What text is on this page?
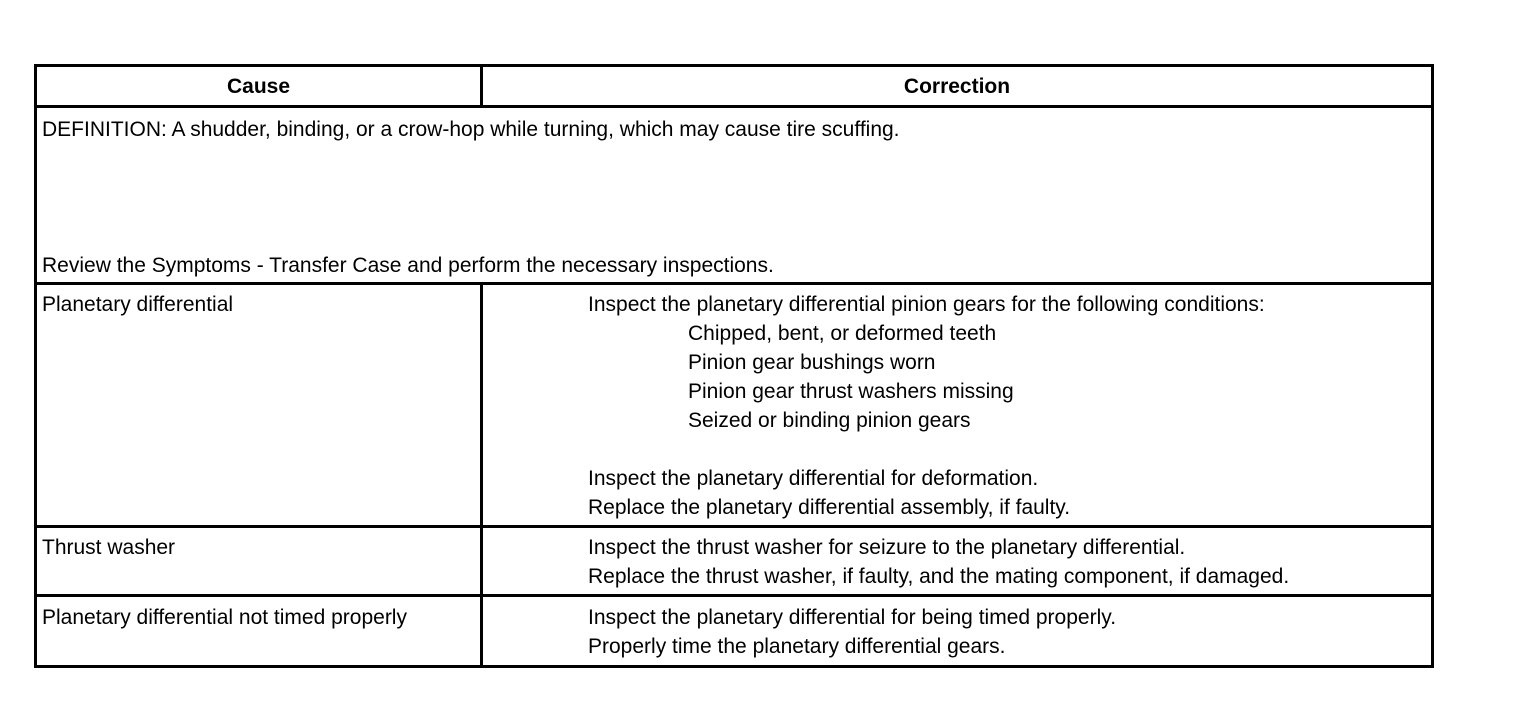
Cause	Correction
DEFINITION: A shudder, binding, or a crow-hop while turning, which may cause tire scuffing.
Review the Symptoms - Transfer Case and perform the necessary inspections.
Planetary differential	Inspect the planetary differential pinion gears for the following conditions:
Chipped, bent, or deformed teeth
Pinion gear bushings worn
Pinion gear thrust washers missing
Seized or binding pinion gears
Inspect the planetary differential for deformation.
Replace the planetary differential assembly, if faulty.
Thrust washer	Inspect the thrust washer for seizure to the planetary differential.
Replace the thrust washer, if faulty, and the mating component, if damaged.
Planetary differential not timed properly	Inspect the planetary differential for being timed properly.
Properly time the planetary differential gears.
